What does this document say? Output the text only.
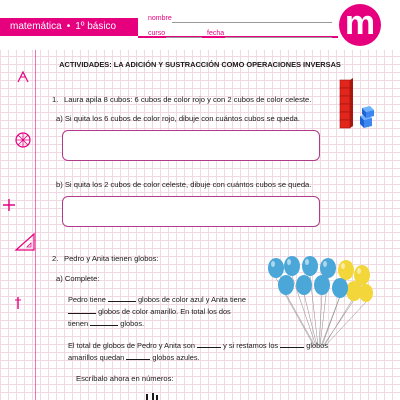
matemática • 1º básico
nombre
curso	fecha	m
ACTIVIDADES: LA ADICIÓN Y SUSTRACCIÓN COMO OPERACIONES INVERSAS
1. Laura apila 8 cubos: 6 cubos de color rojo y con 2 cubos de color celeste.
a) Si quita los 6 cubos de color rojo, dibuje con cuántos cubos se queda.
b) Si quita los 2 cubos de color celeste, dibuje con cuántos cubos se queda.
2. Pedro y Anita tienen globos:
a) Complete:
Pedro tiene	globos de color azul y Anita tiene
globos de color amarillo. En total los dos
tienen	globos.
El total de globos de Pedro y Anita son	y si restamos los	globos
amarillos quedan	globos azules.
Escríbalo ahora en números:
